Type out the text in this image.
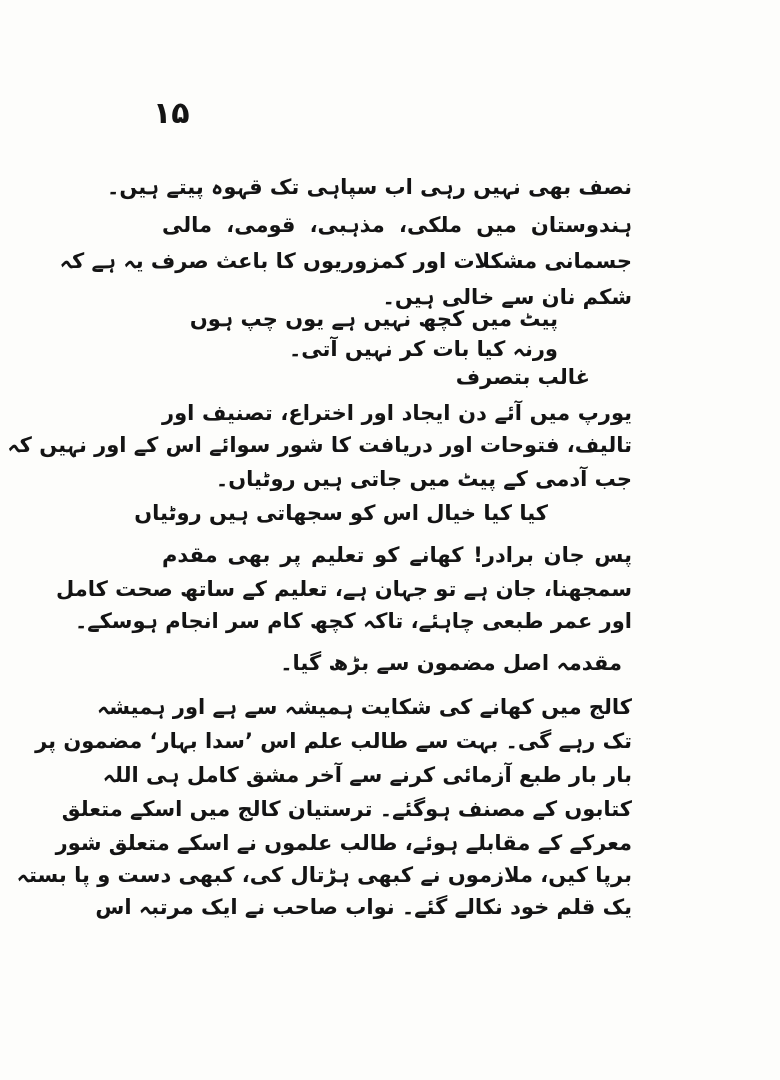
۱۵
نصف بھی نہیں رہی اب سپاہی تک قہوہ پیتے ہیں۔
ہندوستان میں ملکی، مذہبی، قومی، مالی
جسمانی مشکلات اور کمزوریوں کا باعث صرف یہ ہے کہ
شکم نان سے خالی ہیں۔
پیٹ میں کچھ نہیں ہے یوں چپ ہوں
ورنہ کیا بات کر نہیں آتی۔
غالب بتصرف
یورپ میں آئے دن ایجاد اور اختراع، تصنیف اور
تالیف، فتوحات اور دریافت کا شور سوائے اس کے اور نہیں کہ
جب آدمی کے پیٹ میں جاتی ہیں روٹیاں۔
کیا کیا خیال اس کو سجھاتی ہیں روٹیاں
پس جان برادر! کھانے کو تعلیم پر بھی مقدم
سمجھنا، جان ہے تو جہان ہے، تعلیم کے ساتھ صحت کامل
اور عمر طبعی چاہئے، تاکہ کچھ کام سر انجام ہوسکے۔
مقدمہ اصل مضمون سے بڑھ گیا۔
کالج میں کھانے کی شکایت ہمیشہ سے ہے اور ہمیشہ
تک رہے گی۔ بہت سے طالب علم اس ’سدا بہار‘ مضمون پر
بار بار طبع آزمائی کرنے سے آخر مشق کامل ہی اللہ
کتابوں کے مصنف ہوگئے۔ ترستیان کالج میں اسکے متعلق
معرکے کے مقابلے ہوئے، طالب علموں نے اسکے متعلق شور
برپا کیں، ملازموں نے کبھی ہڑتال کی، کبھی دست و پا بستہ
یک قلم خود نکالے گئے۔ نواب صاحب نے ایک مرتبہ اس
